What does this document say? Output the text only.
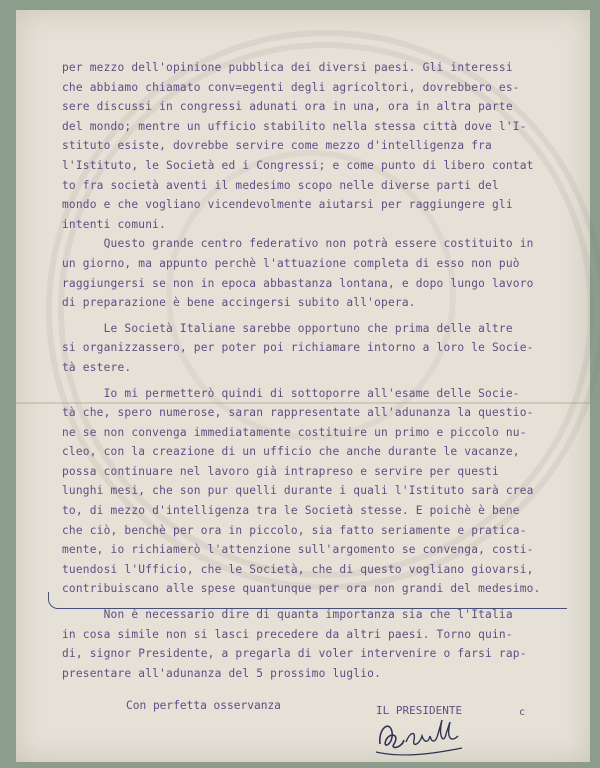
per mezzo dell'opinione pubblica dei diversi paesi. Gli interessi
che abbiamo chiamato conv=egenti degli agricoltori, dovrebbero es-
sere discussi in congressi adunati ora in una, ora in altra parte
del mondo; mentre un ufficio stabilito nella stessa città dove l'I-
stituto esiste, dovrebbe servire come mezzo d'intelligenza fra
l'Istituto, le Società ed i Congressi; e come punto di libero contat
to fra società aventi il medesimo scopo nelle diverse parti del
mondo e che vogliano vicendevolmente aiutarsi per raggiungere gli
intenti comuni.
Questo grande centro federativo non potrà essere costituito in
un giorno, ma appunto perchè l'attuazione completa di esso non può
raggiungersi se non in epoca abbastanza lontana, e dopo lungo lavoro
di preparazione è bene accingersi subito all'opera.
Le Società Italiane sarebbe opportuno che prima delle altre
si organizzassero, per poter poi richiamare intorno a loro le Socie-
tà estere.
Io mi permetterò quindi di sottoporre all'esame delle Socie-
tà che, spero numerose, saran rappresentate all'adunanza la questio-
ne se non convenga immediatamente costituire un primo e piccolo nu-
cleo, con la creazione di un ufficio che anche durante le vacanze,
possa continuare nel lavoro già intrapreso e servire per questi
lunghi mesi, che son pur quelli durante i quali l'Istituto sarà crea
to, di mezzo d'intelligenza tra le Società stesse. E poichè è bene
che ciò, benchè per ora in piccolo, sia fatto seriamente e pratica-
mente, io richiamerò l'attenzione sull'argomento se convenga, costi-
tuendosi l'Ufficio, che le Società, che di questo vogliano giovarsi,
contribuiscano alle spese quantunque per ora non grandi del medesimo.
Non è necessario dire di quanta importanza sia che l'Italia
in cosa simile non si lasci precedere da altri paesi. Torno quin-
di, signor Presidente, a pregarla di voler intervenire o farsi rap-
presentare all'adunanza del 5 prossimo luglio.
Con perfetta osservanza	IL PRESIDENTE	c
